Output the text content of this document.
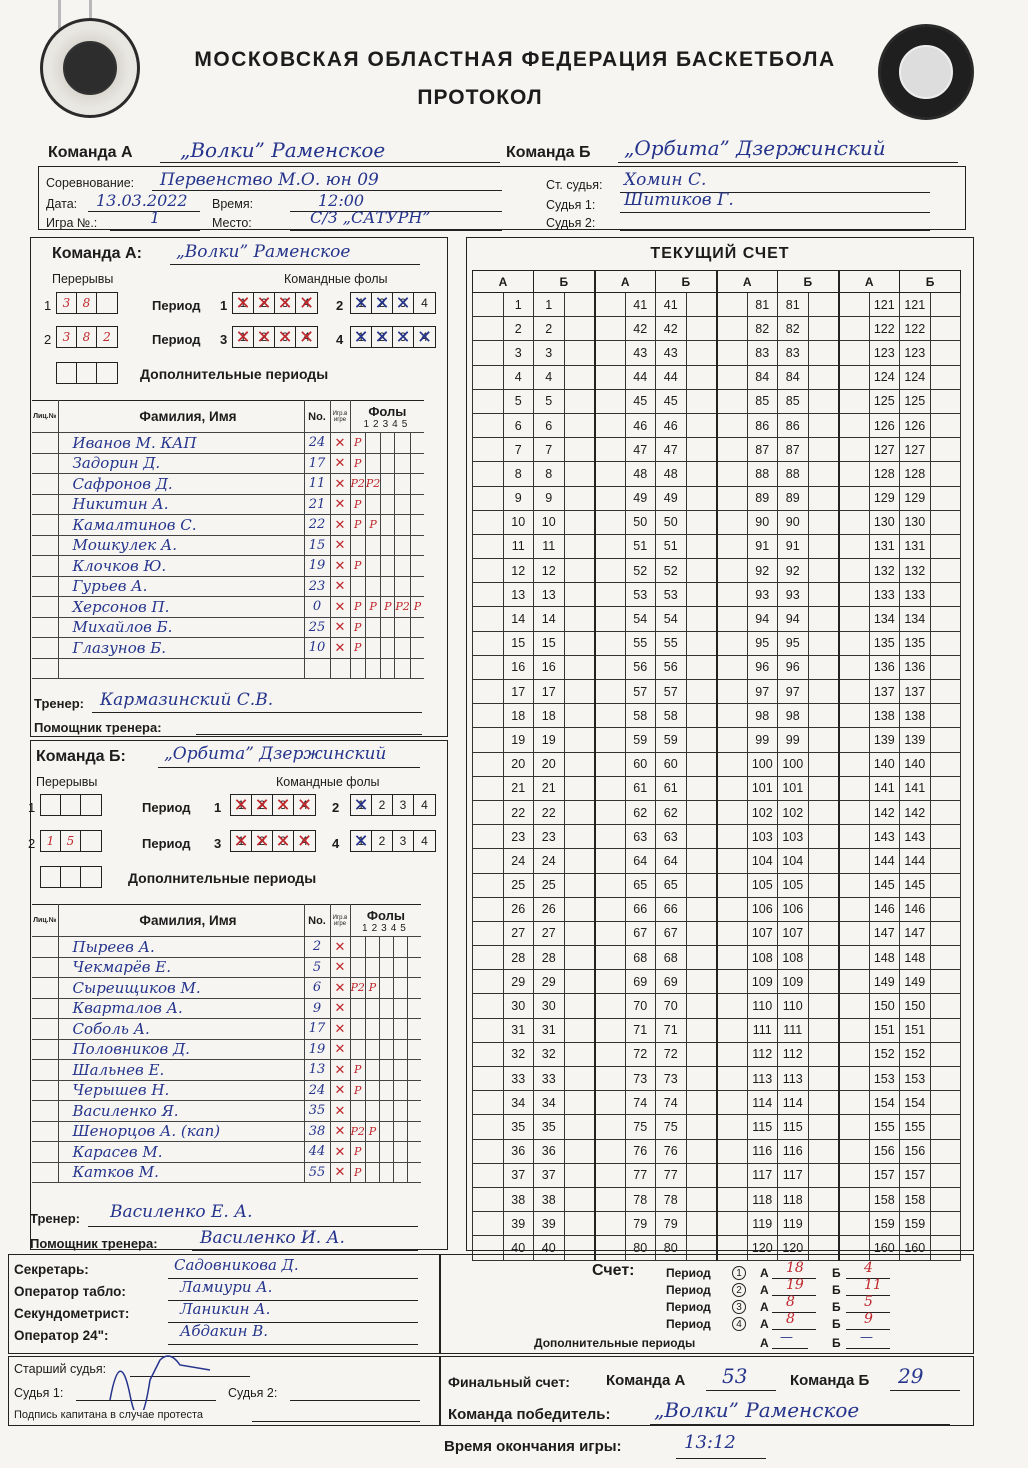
МОСКОВСКАЯ ОБЛАСТНАЯ ФЕДЕРАЦИЯ БАСКЕТБОЛА
ПРОТОКОЛ
Команда А „Волки” Раменское	Команда Б „Орбита” Дзержинский
Соревнование: Первенство М.О. юн 09
Дата: 13.03.2022 Время:	12:00
Игра №.:	1	Место:	С/З „САТУРН”
Ст. судья: Хомин С.
Судья 1: Шитиков Г.
Судья 2:
Команда А: „Волки” Раменское
Перерывы	Командные фолы
1 3	8	Период 1	1 ✕	2 ✕	3 ✕	4 ✕	2	1 ✕	2 ✕	3 ✕	4
2 3	8	2	Период 3	1 ✕	2 ✕	3 ✕	4 ✕	4	1 ✕	2 ✕	3 ✕	4 ✕
Дополнительные периоды
Лиц.№	Фамилия, Имя	No.	Игр.в игре	Фолы
12345				

	Иванов М. КАП	24	✕	P				
	Задорин Д.	17	✕	P				
	Сафронов Д.	11	✕	P2	P2			
	Никитин А.	21	✕	P				
	Камалтинов С.	22	✕	P	P			
	Мошкулек А.	15	✕					
	Клочков Ю.	19	✕	P				
	Гурьев А.	23	✕					
	Херсонов П.	0	✕	P	P	P	P2	P
	Михайлов Б.	25	✕	P				
	Глазунов Б.	10	✕	P				

Тренер: Кармазинский С.В.
Помощник тренера:
Команда Б: „Орбита” Дзержинский
Перерывы	Командные фолы
1	Период 1	1 ✕	2 ✕	3 ✕	4 ✕	2	1 ✕	2	3	4
2 1	5	Период 3	1 ✕	2 ✕	3 ✕	4 ✕	4	1 ✕	2	3	4
Дополнительные периоды
Лиц.№	Фамилия, Имя	No.	Игр.в игре	Фолы
12345				

	Пыреев А.	2	✕					
	Чекмарёв Е.	5	✕					
	Сыреищиков М.	6	✕	P2	P			
	Кварталов А.	9	✕					
	Соболь А.	17	✕					
	Половников Д.	19	✕					
	Шальнев Е.	13	✕	P				
	Черышев Н.	24	✕	P				
	Василенко Я.	35	✕					
	Шенорцов А. (кап)	38	✕	P2	P			
	Карасев М.	44	✕	P				
	Катков М.	55	✕	P				
Тренер: Василенко Е. А.
Помощник тренера: Василенко И. А.
ТЕКУЩИЙ СЧЕТ
А		Б		А		Б		А		Б		А		Б	
	1	1			41	41			81	81			121	121	
	2	2			42	42			82	82			122	122	
	3	3			43	43			83	83			123	123	
	4	4			44	44			84	84			124	124	
	5	5			45	45			85	85			125	125	
	6	6			46	46			86	86			126	126	
	7	7			47	47			87	87			127	127	
	8	8			48	48			88	88			128	128	
	9	9			49	49			89	89			129	129	
	10	10			50	50			90	90			130	130	
	11	11			51	51			91	91			131	131	
	12	12			52	52			92	92			132	132	
	13	13			53	53			93	93			133	133	
	14	14			54	54			94	94			134	134	
	15	15			55	55			95	95			135	135	
	16	16			56	56			96	96			136	136	
	17	17			57	57			97	97			137	137	
	18	18			58	58			98	98			138	138	
	19	19			59	59			99	99			139	139	
	20	20			60	60			100	100			140	140	
	21	21			61	61			101	101			141	141	
	22	22			62	62			102	102			142	142	
	23	23			63	63			103	103			143	143	
	24	24			64	64			104	104			144	144	
	25	25			65	65			105	105			145	145	
	26	26			66	66			106	106			146	146	
	27	27			67	67			107	107			147	147	
	28	28			68	68			108	108			148	148	
	29	29			69	69			109	109			149	149	
	30	30			70	70			110	110			150	150	
	31	31			71	71			111	111			151	151	
	32	32			72	72			112	112			152	152	
	33	33			73	73			113	113			153	153	
	34	34			74	74			114	114			154	154	
	35	35			75	75			115	115			155	155	
	36	36			76	76			116	116			156	156	
	37	37			77	77			117	117			157	157	
	38	38			78	78			118	118			158	158	
	39	39			79	79			119	119			159	159	
	40	40			80	80			120	120			160	160	
Секретарь:	Садовникова Д.
Оператор табло:	Ламиури А.
Секундометрист:	Ланикин А.
Оператор 24":	Абдакин В.
Старший судья:
Судья 1:	Судья 2:
Подпись капитана в случае протеста
Счет:	Период	1	А 18 Б 4
Период	2	А 19 Б 11
Период	3	А 8	Б 5
Период	4	А 8	Б 9
Дополнительные периоды	А —	Б —
Финальный счет: Команда А 53	Команда Б 29
Команда победитель: „Волки” Раменское
Время окончания игры:	13:12
